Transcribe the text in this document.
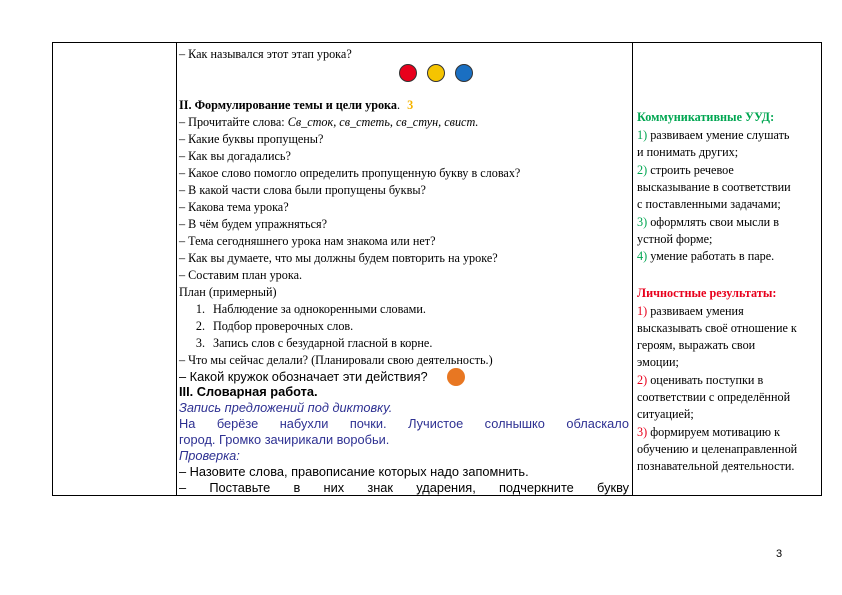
– Как назывался этот этап урока?
II. Формулирование темы и цели урока. 3
– Прочитайте слова: Св_сток, св_стеть, св_стун, свист.
– Какие буквы пропущены?
– Как вы догадались?
– Какое слово помогло определить пропущенную букву в словах?
– В какой части слова были пропущены буквы?
– Какова тема урока?
– В чём будем упражняться?
– Тема сегодняшнего урока нам знакома или нет?
– Как вы думаете, что мы должны будем повторить на уроке?
– Составим план урока.
План (примерный)
1. Наблюдение за однокоренными словами.
2. Подбор проверочных слов.
3. Запись слов с безударной гласной в корне.
– Что мы сейчас делали? (Планировали свою деятельность.)
– Какой кружок обозначает эти действия?
III. Словарная работа.
Запись предложений под диктовку.
На берёзе набухли почки. Лучистое солнышко обласкало
город. Громко зачирикали воробьи.
Проверка:
– Назовите слова, правописание которых надо запомнить.
– Поставьте в них знак ударения, подчеркните букву
Коммуникативные УУД:
1) развиваем умение слушать
и понимать других;
2) строить речевое
высказывание в соответствии
с поставленными задачами;
3) оформлять свои мысли в
устной форме;
4) умение работать в паре.
Личностные результаты:
1) развиваем умения
высказывать своё отношение к
героям, выражать свои
эмоции;
2) оценивать поступки в
соответствии с определённой
ситуацией;
3) формируем мотивацию к
обучению и целенаправленной
познавательной деятельности.
3
